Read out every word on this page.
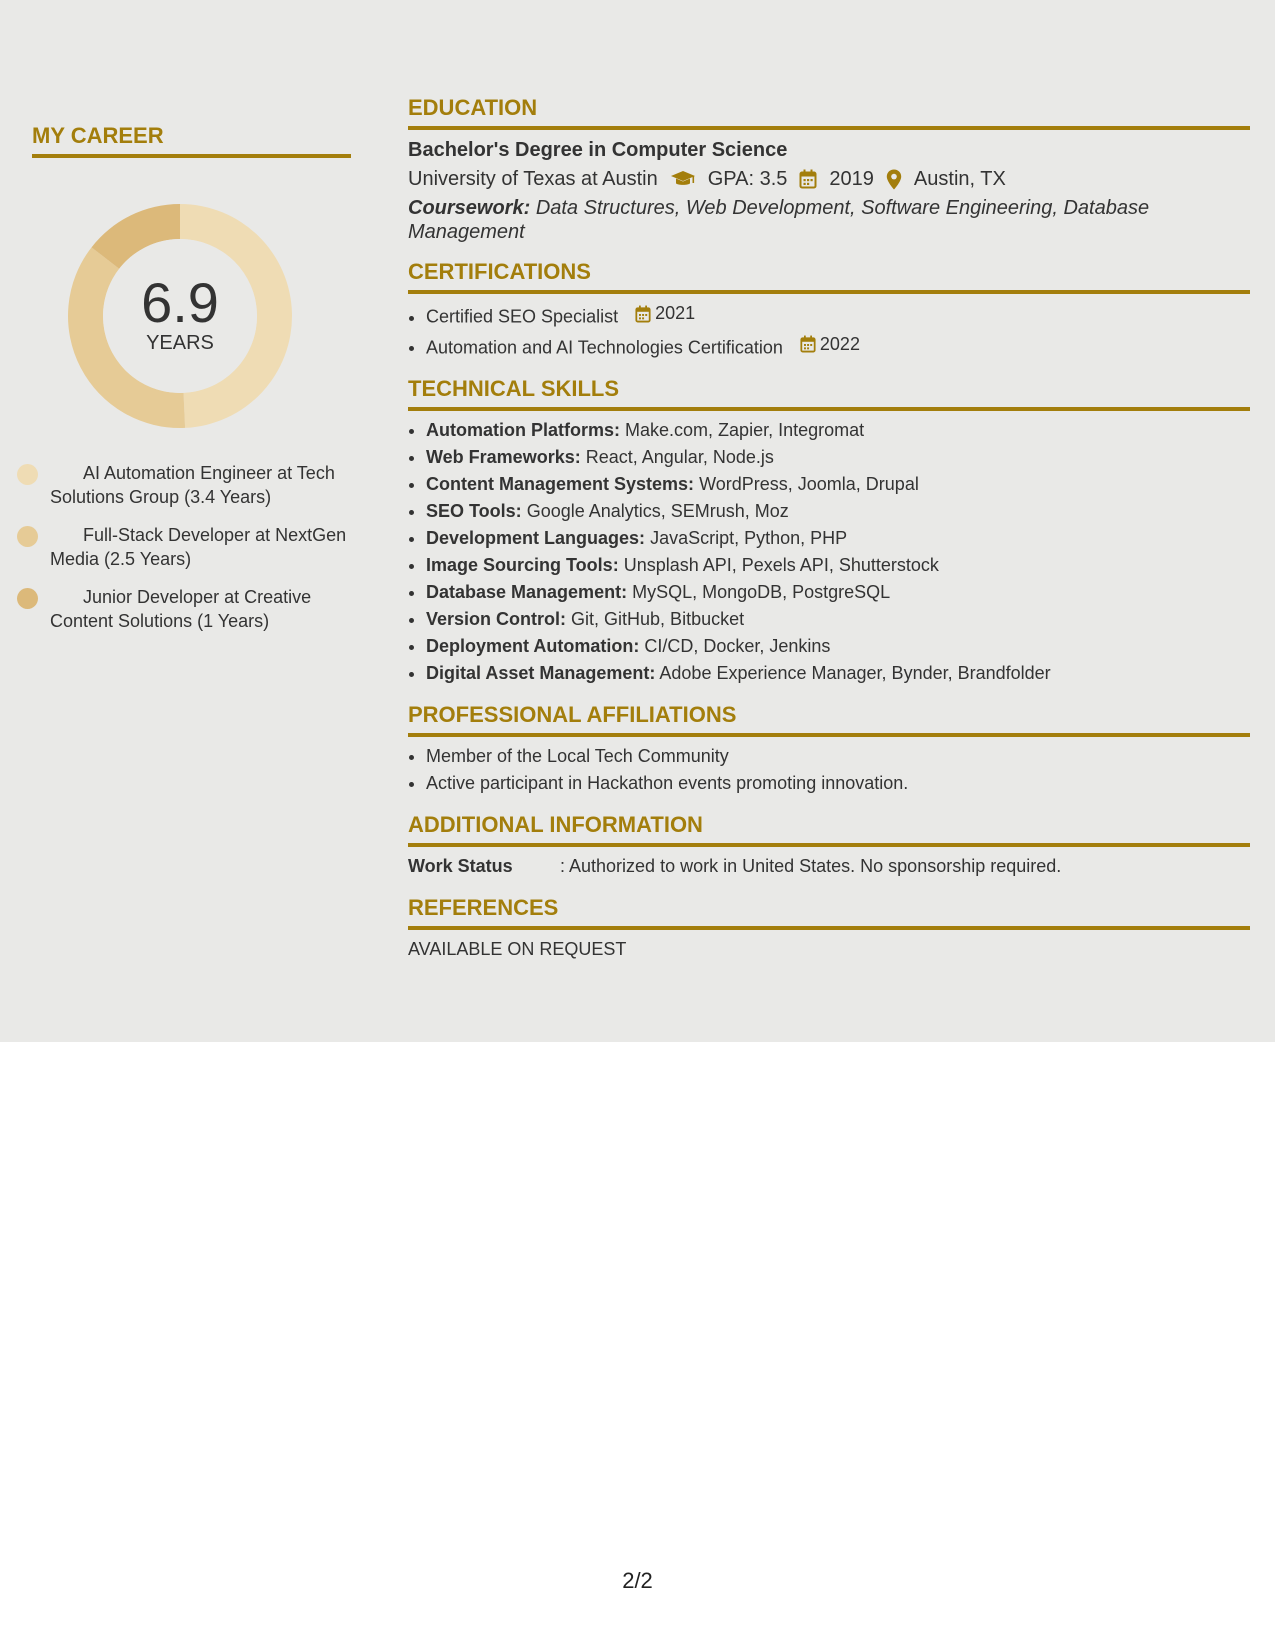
MY CAREER
6.9
YEARS
AI Automation Engineer at Tech Solutions Group (3.4 Years)
Full-Stack Developer at NextGen Media (2.5 Years)
Junior Developer at Creative Content Solutions (1 Years)
EDUCATION
Bachelor's Degree in Computer Science
University of Texas at Austin	GPA: 3.5 2019 Austin, TX
Coursework: Data Structures, Web Development, Software Engineering, Database Management
CERTIFICATIONS
• Certified SEO Specialist 2021
• Automation and AI Technologies Certification 2022
TECHNICAL SKILLS
• Automation Platforms: Make.com, Zapier, Integromat
• Web Frameworks: React, Angular, Node.js
• Content Management Systems: WordPress, Joomla, Drupal
• SEO Tools: Google Analytics, SEMrush, Moz
• Development Languages: JavaScript, Python, PHP
• Image Sourcing Tools: Unsplash API, Pexels API, Shutterstock
• Database Management: MySQL, MongoDB, PostgreSQL
• Version Control: Git, GitHub, Bitbucket
• Deployment Automation: CI/CD, Docker, Jenkins
• Digital Asset Management: Adobe Experience Manager, Bynder, Brandfolder
PROFESSIONAL AFFILIATIONS
• Member of the Local Tech Community
• Active participant in Hackathon events promoting innovation.
ADDITIONAL INFORMATION
Work Status	: Authorized to work in United States. No sponsorship required.
REFERENCES
AVAILABLE ON REQUEST
2/2
